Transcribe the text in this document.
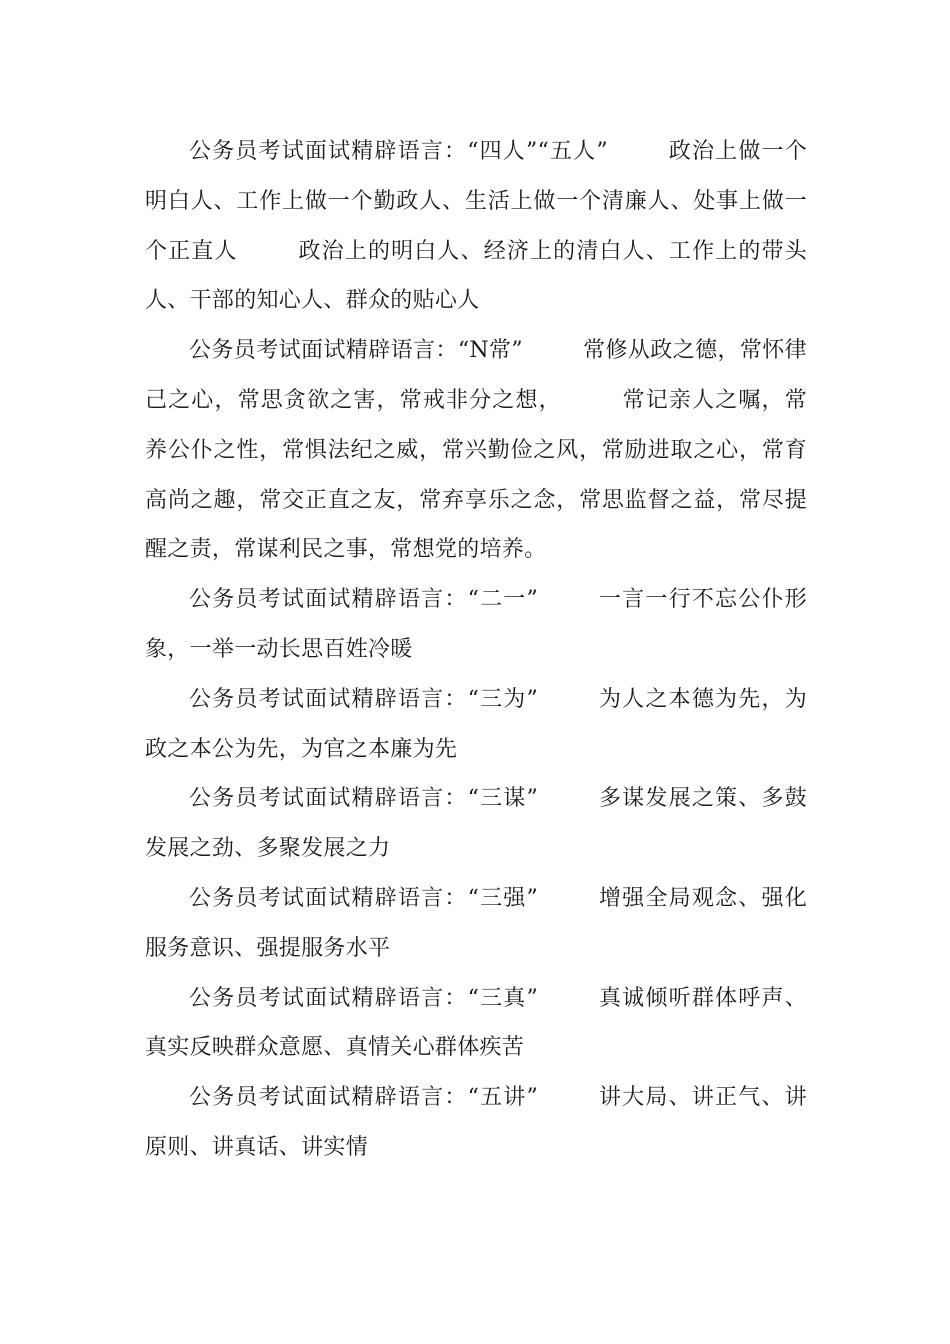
公务员考试面试精辟语言：“四人”“五人”	政治上做一个明白人、工作上做一个勤政人、生活上做一个清廉人、处事上做一个正直人	政治上的明白人、经济上的清白人、工作上的带头人、干部的知心人、群众的贴心人

公务员考试面试精辟语言：“N常”	常修从政之德，常怀律己之心，常思贪欲之害，常戒非分之想，	常记亲人之嘱，常养公仆之性，常惧法纪之威，常兴勤俭之风，常励进取之心，常育高尚之趣，常交正直之友，常弃享乐之念，常思监督之益，常尽提醒之责，常谋利民之事，常想党的培养。

公务员考试面试精辟语言：“二一”	一言一行不忘公仆形象，一举一动长思百姓冷暖

公务员考试面试精辟语言：“三为”	为人之本德为先，为政之本公为先，为官之本廉为先

公务员考试面试精辟语言：“三谋”	多谋发展之策、多鼓发展之劲、多聚发展之力

公务员考试面试精辟语言：“三强”	增强全局观念、强化服务意识、强提服务水平

公务员考试面试精辟语言：“三真”	真诚倾听群体呼声、真实反映群众意愿、真情关心群体疾苦

公务员考试面试精辟语言：“五讲”	讲大局、讲正气、讲原则、讲真话、讲实情
